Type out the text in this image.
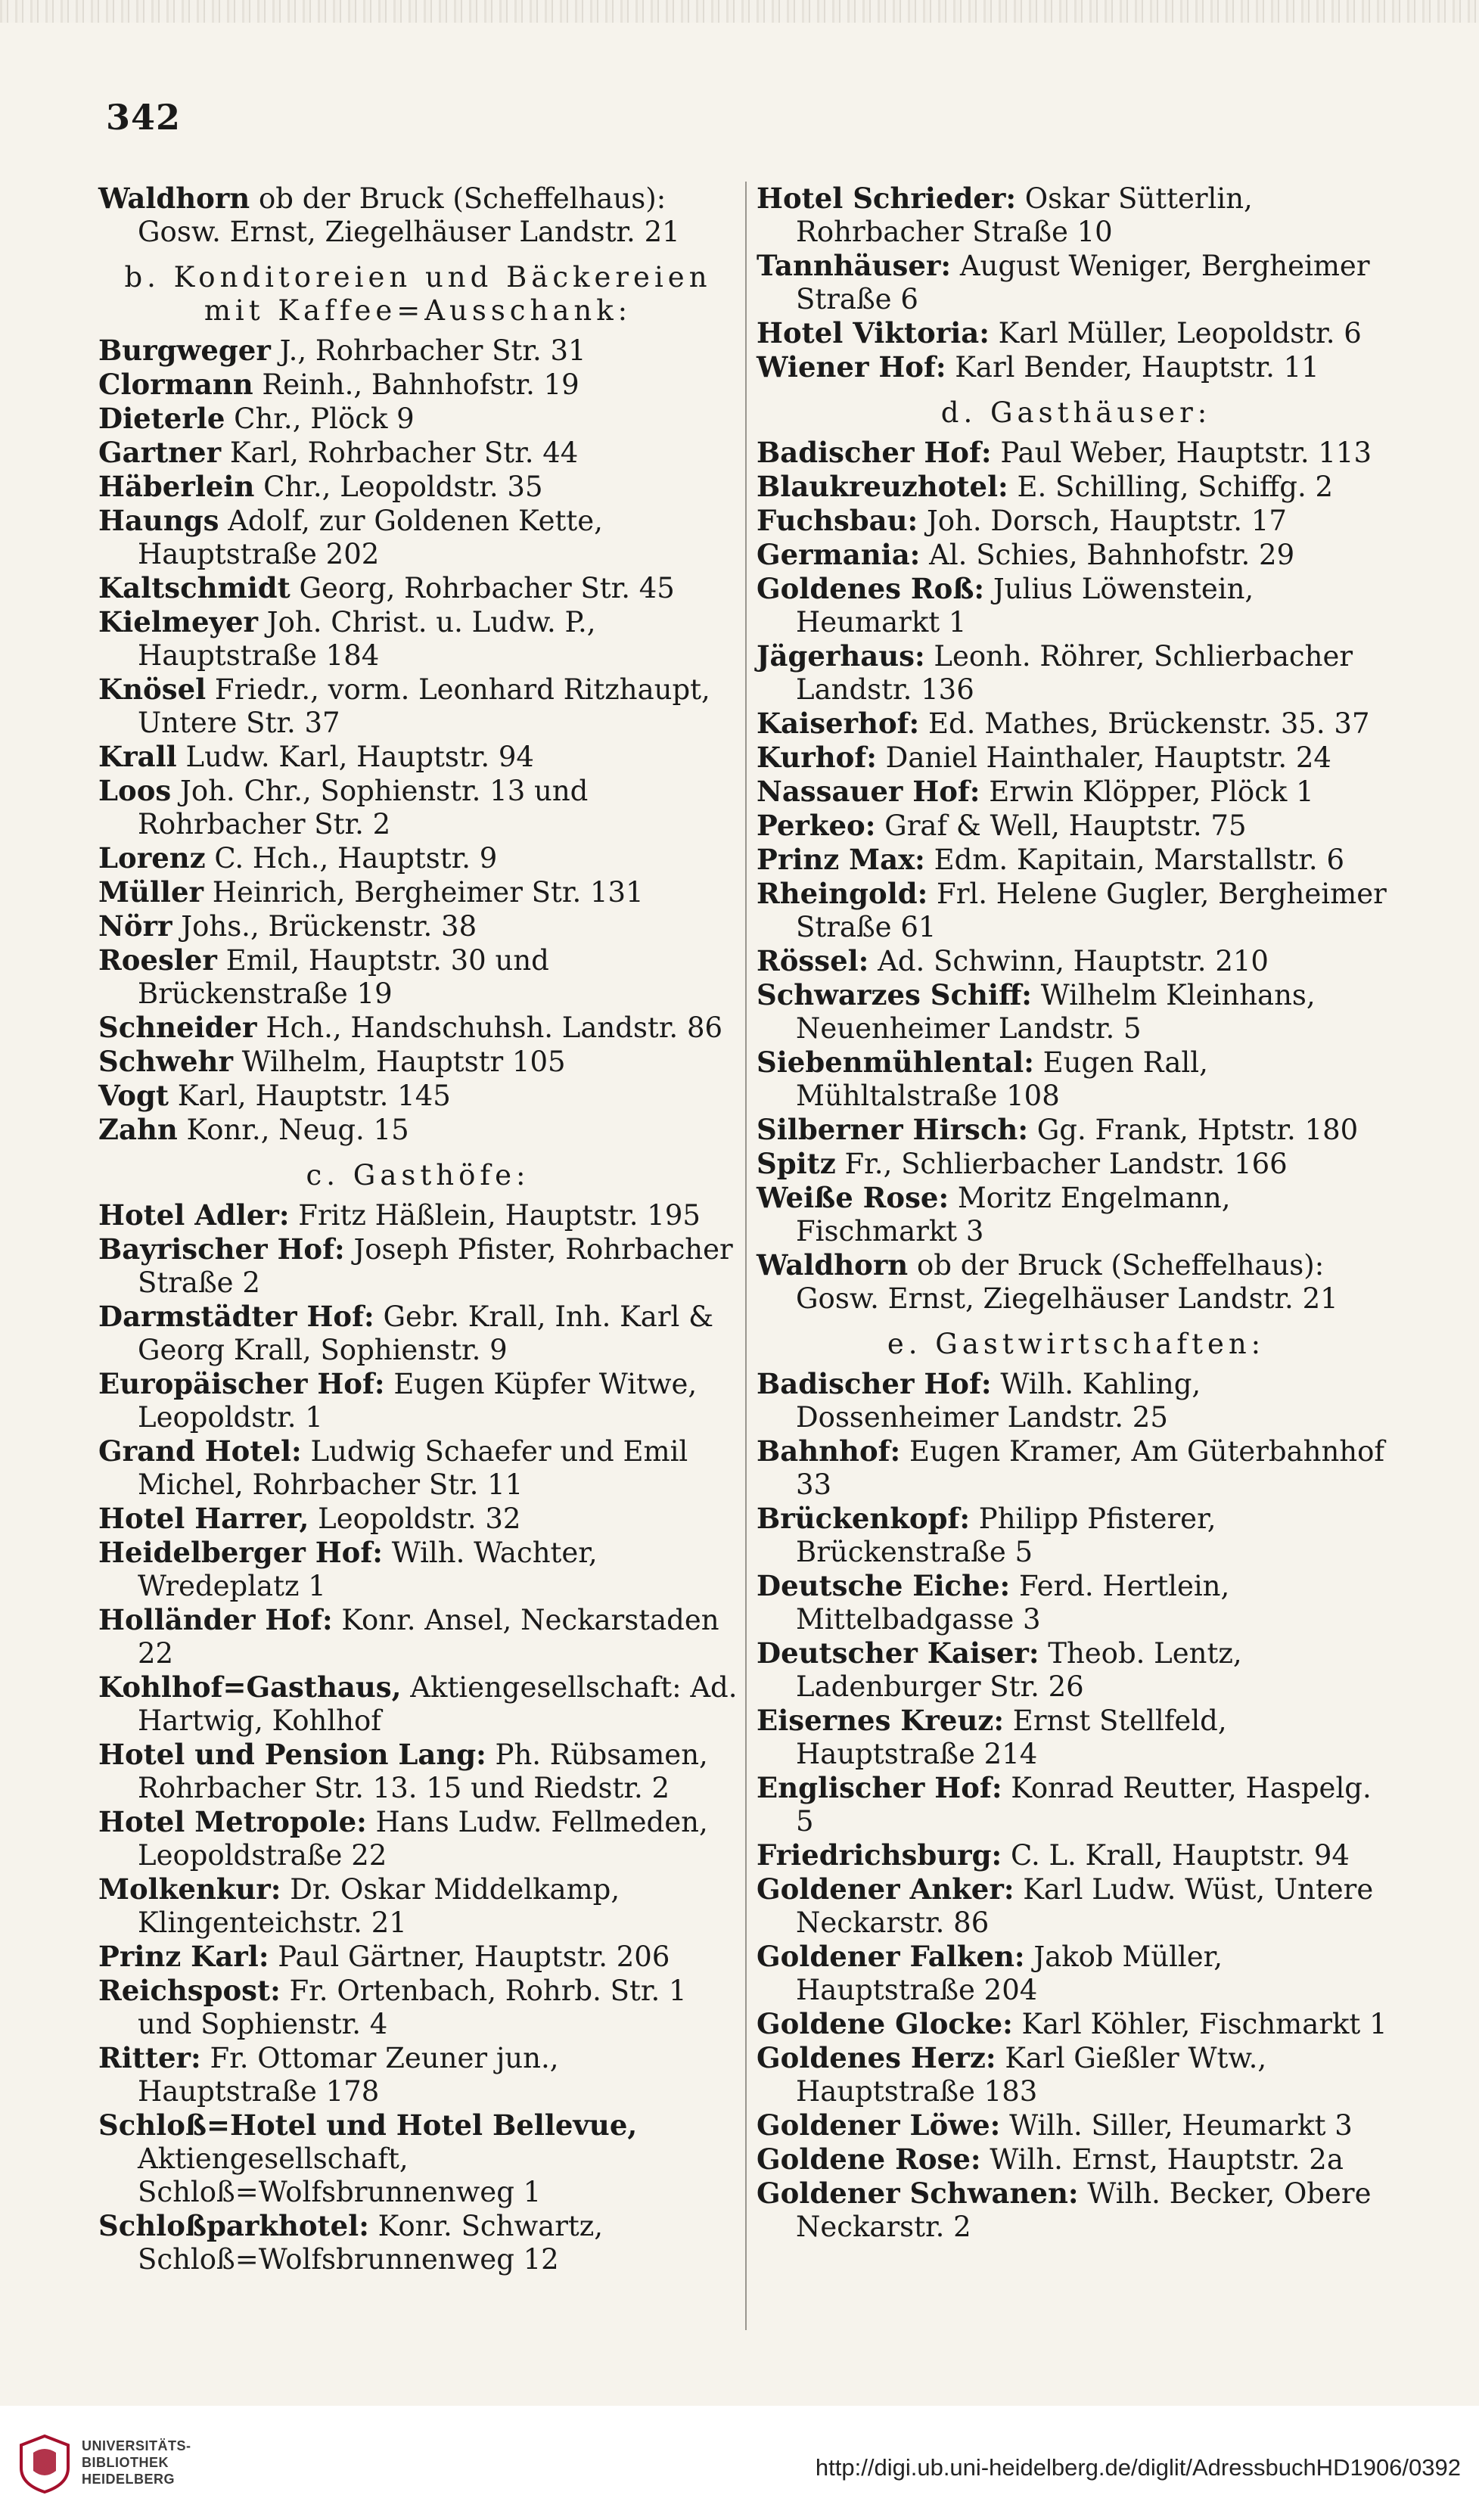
342
Waldhorn ob der Bruck (Scheffelhaus): Gosw. Ernst, Ziegelhäuser Landstr. 21
b. Konditoreien und Bäckereien mit Kaffee=Ausschank:
Burgweger J., Rohrbacher Str. 31
Clormann Reinh., Bahnhofstr. 19
Dieterle Chr., Plöck 9
Gartner Karl, Rohrbacher Str. 44
Häberlein Chr., Leopoldstr. 35
Haungs Adolf, zur Goldenen Kette, Hauptstraße 202
Kaltschmidt Georg, Rohrbacher Str. 45
Kielmeyer Joh. Christ. u. Ludw. P., Hauptstraße 184
Knösel Friedr., vorm. Leonhard Ritzhaupt, Untere Str. 37
Krall Ludw. Karl, Hauptstr. 94
Loos Joh. Chr., Sophienstr. 13 und Rohrbacher Str. 2
Lorenz C. Hch., Hauptstr. 9
Müller Heinrich, Bergheimer Str. 131
Nörr Johs., Brückenstr. 38
Roesler Emil, Hauptstr. 30 und Brückenstraße 19
Schneider Hch., Handschuhsh. Landstr. 86
Schwehr Wilhelm, Hauptstr 105
Vogt Karl, Hauptstr. 145
Zahn Konr., Neug. 15
c. Gasthöfe:
Hotel Adler: Fritz Häßlein, Hauptstr. 195
Bayrischer Hof: Joseph Pfister, Rohrbacher Straße 2
Darmstädter Hof: Gebr. Krall, Inh. Karl & Georg Krall, Sophienstr. 9
Europäischer Hof: Eugen Küpfer Witwe, Leopoldstr. 1
Grand Hotel: Ludwig Schaefer und Emil Michel, Rohrbacher Str. 11
Hotel Harrer, Leopoldstr. 32
Heidelberger Hof: Wilh. Wachter, Wredeplatz 1
Holländer Hof: Konr. Ansel, Neckarstaden 22
Kohlhof=Gasthaus, Aktiengesellschaft: Ad. Hartwig, Kohlhof
Hotel und Pension Lang: Ph. Rübsamen, Rohrbacher Str. 13. 15 und Riedstr. 2
Hotel Metropole: Hans Ludw. Fellmeden, Leopoldstraße 22
Molkenkur: Dr. Oskar Middelkamp, Klingenteichstr. 21
Prinz Karl: Paul Gärtner, Hauptstr. 206
Reichspost: Fr. Ortenbach, Rohrb. Str. 1 und Sophienstr. 4
Ritter: Fr. Ottomar Zeuner jun., Hauptstraße 178
Schloß=Hotel und Hotel Bellevue, Aktiengesellschaft, Schloß=Wolfsbrunnenweg 1
Schloßparkhotel: Konr. Schwartz, Schloß=Wolfsbrunnenweg 12
Hotel Schrieder: Oskar Sütterlin, Rohrbacher Straße 10
Tannhäuser: August Weniger, Bergheimer Straße 6
Hotel Viktoria: Karl Müller, Leopoldstr. 6
Wiener Hof: Karl Bender, Hauptstr. 11
d. Gasthäuser:
Badischer Hof: Paul Weber, Hauptstr. 113
Blaukreuzhotel: E. Schilling, Schiffg. 2
Fuchsbau: Joh. Dorsch, Hauptstr. 17
Germania: Al. Schies, Bahnhofstr. 29
Goldenes Roß: Julius Löwenstein, Heumarkt 1
Jägerhaus: Leonh. Röhrer, Schlierbacher Landstr. 136
Kaiserhof: Ed. Mathes, Brückenstr. 35. 37
Kurhof: Daniel Hainthaler, Hauptstr. 24
Nassauer Hof: Erwin Klöpper, Plöck 1
Perkeo: Graf & Well, Hauptstr. 75
Prinz Max: Edm. Kapitain, Marstallstr. 6
Rheingold: Frl. Helene Gugler, Bergheimer Straße 61
Rössel: Ad. Schwinn, Hauptstr. 210
Schwarzes Schiff: Wilhelm Kleinhans, Neuenheimer Landstr. 5
Siebenmühlental: Eugen Rall, Mühltalstraße 108
Silberner Hirsch: Gg. Frank, Hptstr. 180
Spitz Fr., Schlierbacher Landstr. 166
Weiße Rose: Moritz Engelmann, Fischmarkt 3
Waldhorn ob der Bruck (Scheffelhaus): Gosw. Ernst, Ziegelhäuser Landstr. 21
e. Gastwirtschaften:
Badischer Hof: Wilh. Kahling, Dossenheimer Landstr. 25
Bahnhof: Eugen Kramer, Am Güterbahnhof 33
Brückenkopf: Philipp Pfisterer, Brückenstraße 5
Deutsche Eiche: Ferd. Hertlein, Mittelbadgasse 3
Deutscher Kaiser: Theob. Lentz, Ladenburger Str. 26
Eisernes Kreuz: Ernst Stellfeld, Hauptstraße 214
Englischer Hof: Konrad Reutter, Haspelg. 5
Friedrichsburg: C. L. Krall, Hauptstr. 94
Goldener Anker: Karl Ludw. Wüst, Untere Neckarstr. 86
Goldener Falken: Jakob Müller, Hauptstraße 204
Goldene Glocke: Karl Köhler, Fischmarkt 1
Goldenes Herz: Karl Gießler Wtw., Hauptstraße 183
Goldener Löwe: Wilh. Siller, Heumarkt 3
Goldene Rose: Wilh. Ernst, Hauptstr. 2a
Goldener Schwanen: Wilh. Becker, Obere Neckarstr. 2
UNIVERSITÄTS-
BIBLIOTHEK
HEIDELBERG	http://digi.ub.uni-heidelberg.de/diglit/AdressbuchHD1906/0392
